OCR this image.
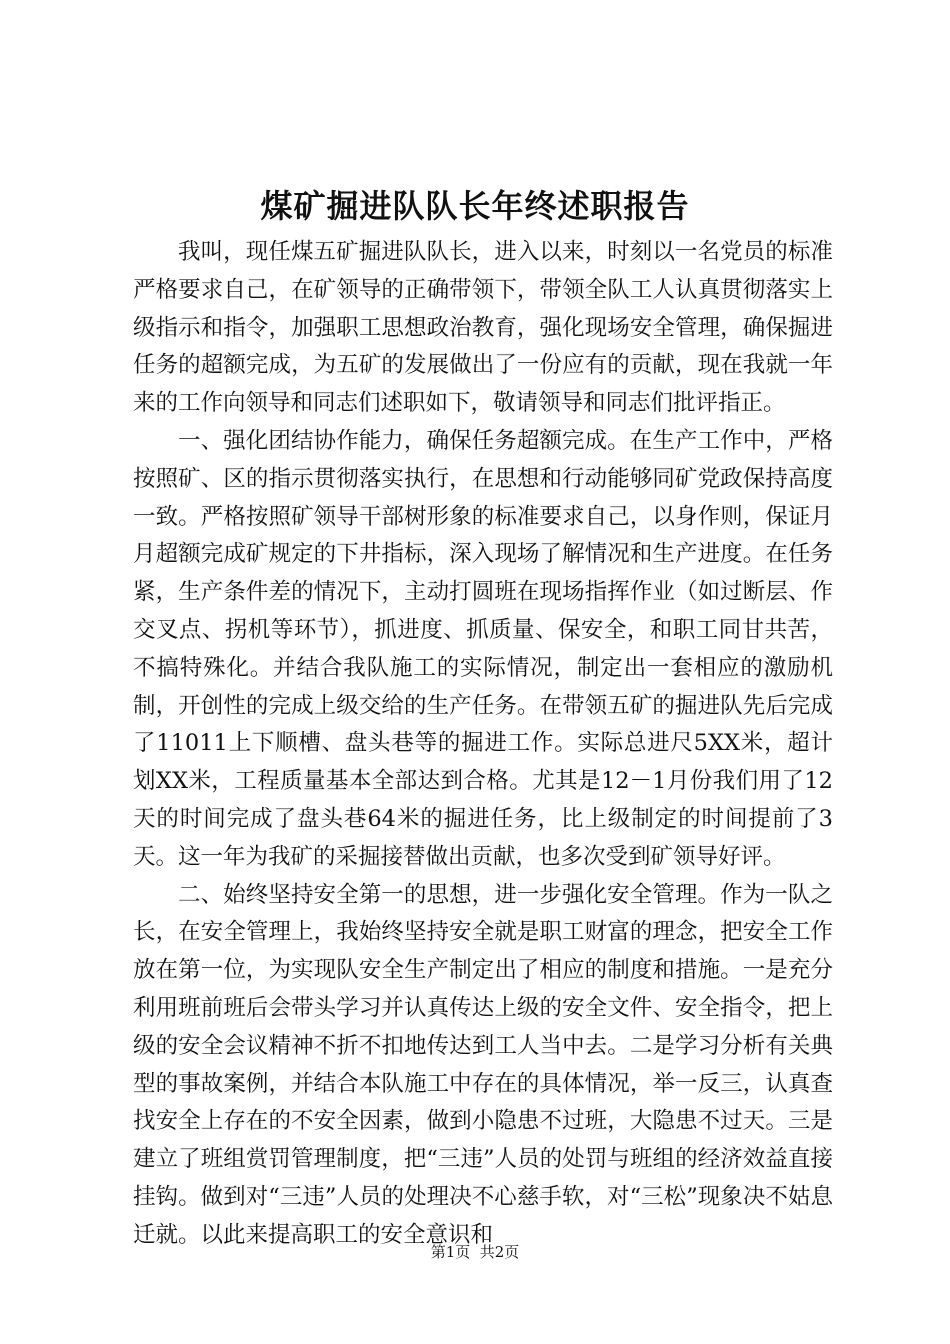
煤矿掘进队队长年终述职报告

我叫，现任煤五矿掘进队队长，进入以来，时刻以一名党员的标准严格要求自己，在矿领导的正确带领下，带领全队工人认真贯彻落实上级指示和指令，加强职工思想政治教育，强化现场安全管理，确保掘进任务的超额完成，为五矿的发展做出了一份应有的贡献，现在我就一年来的工作向领导和同志们述职如下，敬请领导和同志们批评指正。

一、强化团结协作能力，确保任务超额完成。在生产工作中，严格按照矿、区的指示贯彻落实执行，在思想和行动能够同矿党政保持高度一致。严格按照矿领导干部树形象的标准要求自己，以身作则，保证月月超额完成矿规定的下井指标，深入现场了解情况和生产进度。在任务紧，生产条件差的情况下，主动打圆班在现场指挥作业（如过断层、作交叉点、拐机等环节），抓进度、抓质量、保安全，和职工同甘共苦，不搞特殊化。并结合我队施工的实际情况，制定出一套相应的激励机制，开创性的完成上级交给的生产任务。在带领五矿的掘进队先后完成了11011上下顺槽、盘头巷等的掘进工作。实际总进尺5XX米，超计划XX米，工程质量基本全部达到合格。尤其是12－1月份我们用了12天的时间完成了盘头巷64米的掘进任务，比上级制定的时间提前了3天。这一年为我矿的采掘接替做出贡献，也多次受到矿领导好评。

二、始终坚持安全第一的思想，进一步强化安全管理。作为一队之长，在安全管理上，我始终坚持安全就是职工财富的理念，把安全工作放在第一位，为实现队安全生产制定出了相应的制度和措施。一是充分利用班前班后会带头学习并认真传达上级的安全文件、安全指令，把上级的安全会议精神不折不扣地传达到工人当中去。二是学习分析有关典型的事故案例，并结合本队施工中存在的具体情况，举一反三，认真查找安全上存在的不安全因素，做到小隐患不过班，大隐患不过天。三是建立了班组赏罚管理制度，把“三违”人员的处罚与班组的经济效益直接挂钩。做到对“三违”人员的处理决不心慈手软，对“三松”现象决不姑息迁就。以此来提高职工的安全意识和

第1页  共2页
